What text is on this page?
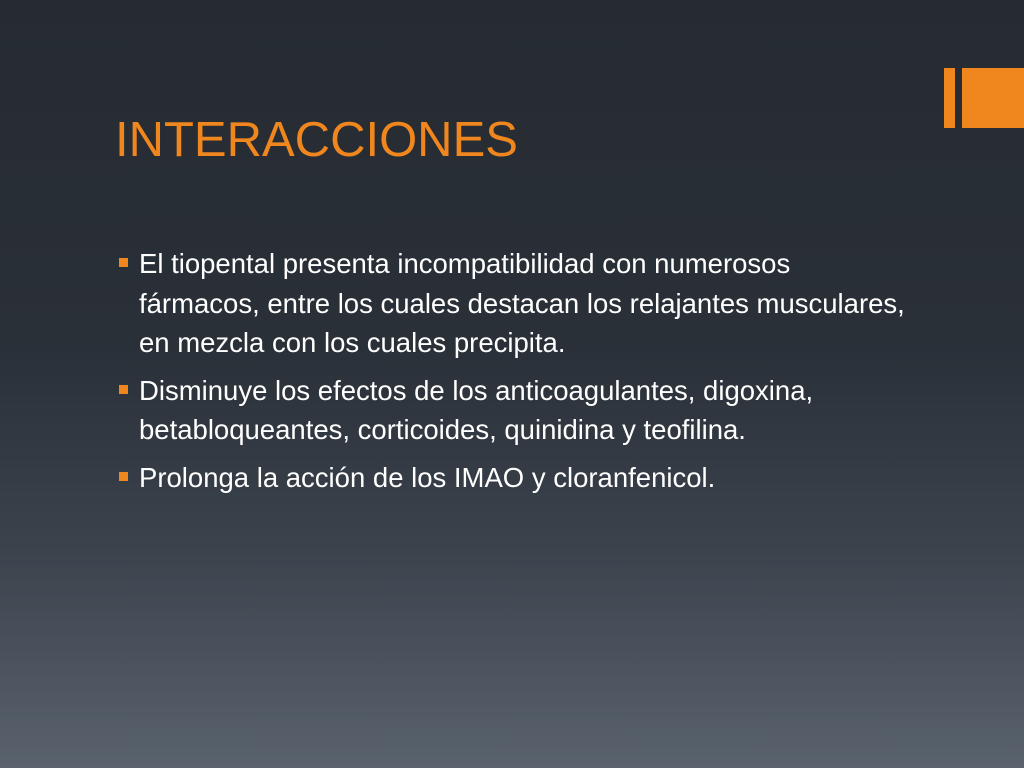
INTERACCIONES
El tiopental presenta incompatibilidad con numerosos fármacos, entre los cuales destacan los relajantes musculares, en mezcla con los cuales precipita.
Disminuye los efectos de los anticoagulantes, digoxina, betabloqueantes, corticoides, quinidina y teofilina.
Prolonga la acción de los IMAO y cloranfenicol.
